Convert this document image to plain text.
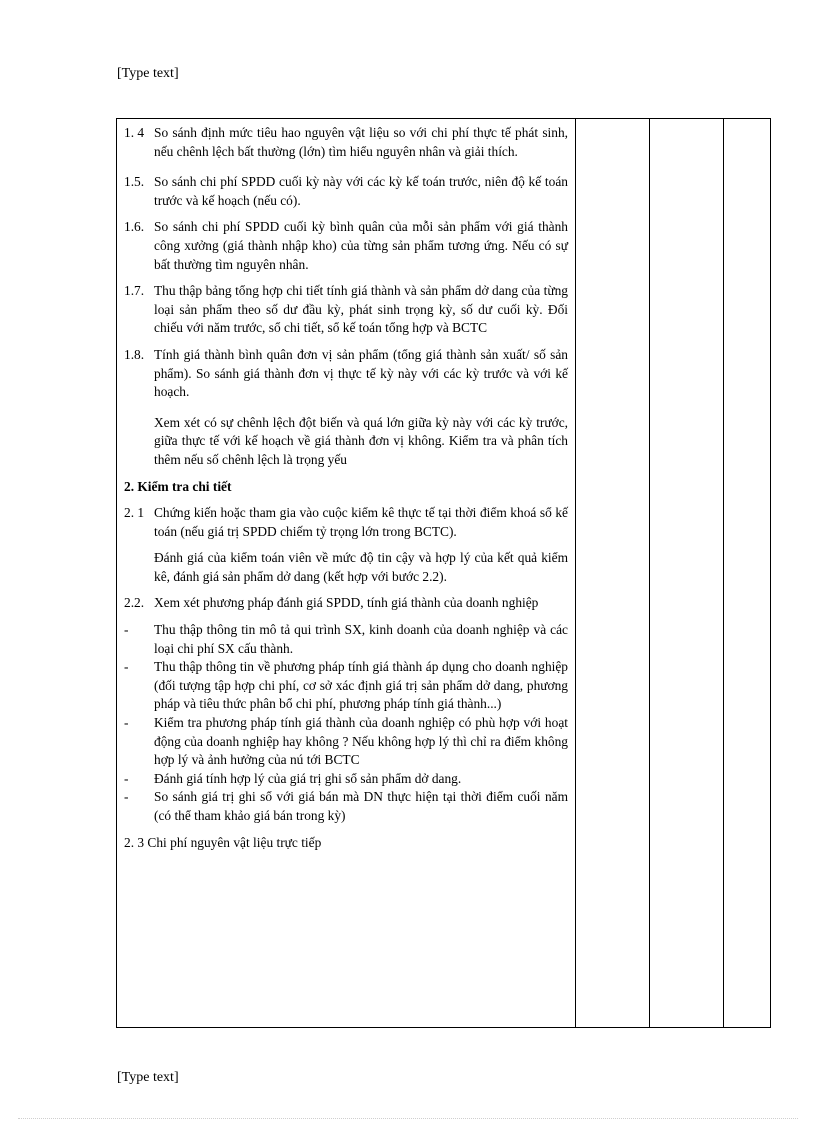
[Type text]
1. 4 So sánh định mức tiêu hao nguyên vật liệu so với chi phí thực tế phát sinh, nếu chênh lệch bất thường (lớn) tìm hiểu nguyên nhân và giải thích.
1.5. So sánh chi phí SPDD cuối kỳ này với các kỳ kế toán trước, niên độ kế toán trước và kế hoạch (nếu có).
1.6. So sánh chi phí SPDD cuối kỳ bình quân của mỗi sản phẩm với giá thành công xưởng (giá thành nhập kho) của từng sản phẩm tương ứng. Nếu có sự bất thường tìm nguyên nhân.
1.7. Thu thập bảng tổng hợp chi tiết tính giá thành và sản phẩm dở dang của từng loại sản phẩm theo số dư đầu kỳ, phát sinh trọng kỳ, số dư cuối kỳ. Đối chiếu với năm trước, sổ chi tiết, sổ kế toán tổng hợp và BCTC
1.8. Tính giá thành bình quân đơn vị sản phẩm (tổng giá thành sản xuất/ số sản phẩm). So sánh giá thành đơn vị thực tế kỳ này với các kỳ trước và với kế hoạch.
Xem xét có sự chênh lệch đột biến và quá lớn giữa kỳ này với các kỳ trước, giữa thực tế với kế hoạch về giá thành đơn vị không. Kiểm tra và phân tích thêm nếu số chênh lệch là trọng yếu
2. Kiểm tra chi tiết
2. 1 Chứng kiến hoặc tham gia vào cuộc kiểm kê thực tế tại thời điểm khoá sổ kế toán (nếu giá trị SPDD chiếm tỷ trọng lớn trong BCTC).
Đánh giá của kiểm toán viên về mức độ tin cậy và hợp lý của kết quả kiểm kê, đánh giá sản phẩm dở dang (kết hợp với bước 2.2).
2.2. Xem xét phương pháp đánh giá SPDD, tính giá thành của doanh nghiệp
- Thu thập thông tin mô tả qui trình SX, kinh doanh của doanh nghiệp và các loại chi phí SX cấu thành.
- Thu thập thông tin về phương pháp tính giá thành áp dụng cho doanh nghiệp (đối tượng tập hợp chi phí, cơ sở xác định giá trị sản phẩm dở dang, phương pháp và tiêu thức phân bổ chi phí, phương pháp tính giá thành...)
- Kiểm tra phương pháp tính giá thành của doanh nghiệp có phù hợp với hoạt động của doanh nghiệp hay không ? Nếu không hợp lý thì chỉ ra điểm không hợp lý và ảnh hưởng của nú tới BCTC
- Đánh giá tính hợp lý của giá trị ghi sổ sản phẩm dở dang.
- So sánh giá trị ghi sổ với giá bán mà DN thực hiện tại thời điểm cuối năm (có thể tham khảo giá bán trong kỳ)
2. 3 Chi phí nguyên vật liệu trực tiếp

[Type text]
